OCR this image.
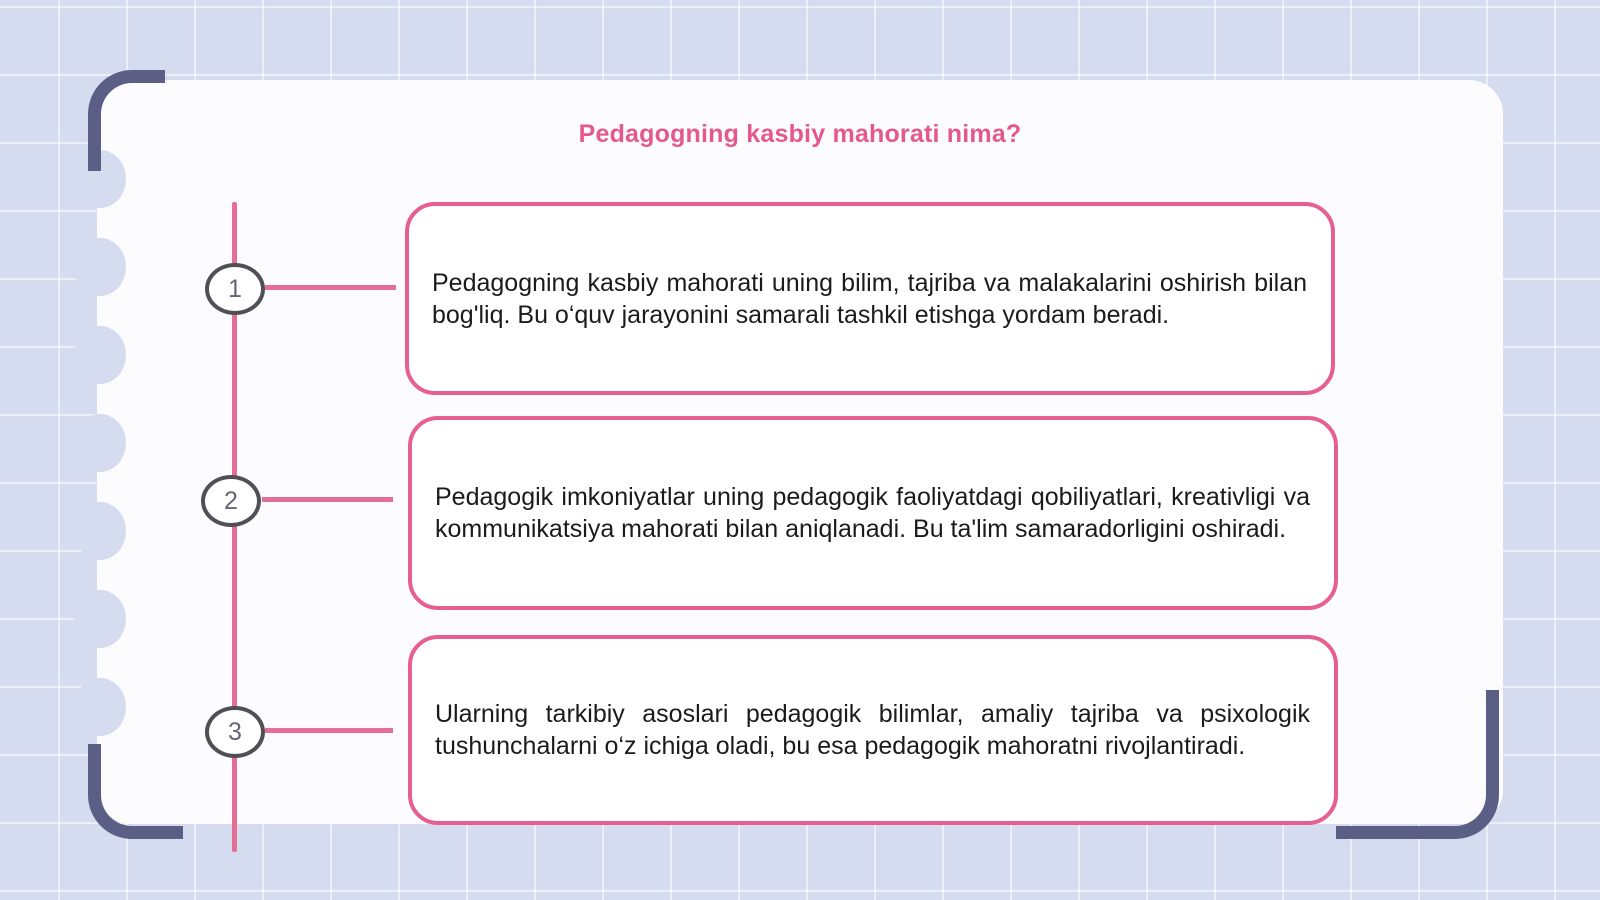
Pedagogning kasbiy mahorati nima?
1
2
3
Pedagogning kasbiy mahorati uning bilim, tajriba va malakalarini oshirish bilan bog'liq. Bu o‘quv jarayonini samarali tashkil etishga yordam beradi.
Pedagogik imkoniyatlar uning pedagogik faoliyatdagi qobiliyatlari, kreativligi va kommunikatsiya mahorati bilan aniqlanadi. Bu ta'lim samaradorligini oshiradi.
Ularning tarkibiy asoslari pedagogik bilimlar, amaliy tajriba va psixologik tushunchalarni o‘z ichiga oladi, bu esa pedagogik mahoratni rivojlantiradi.
